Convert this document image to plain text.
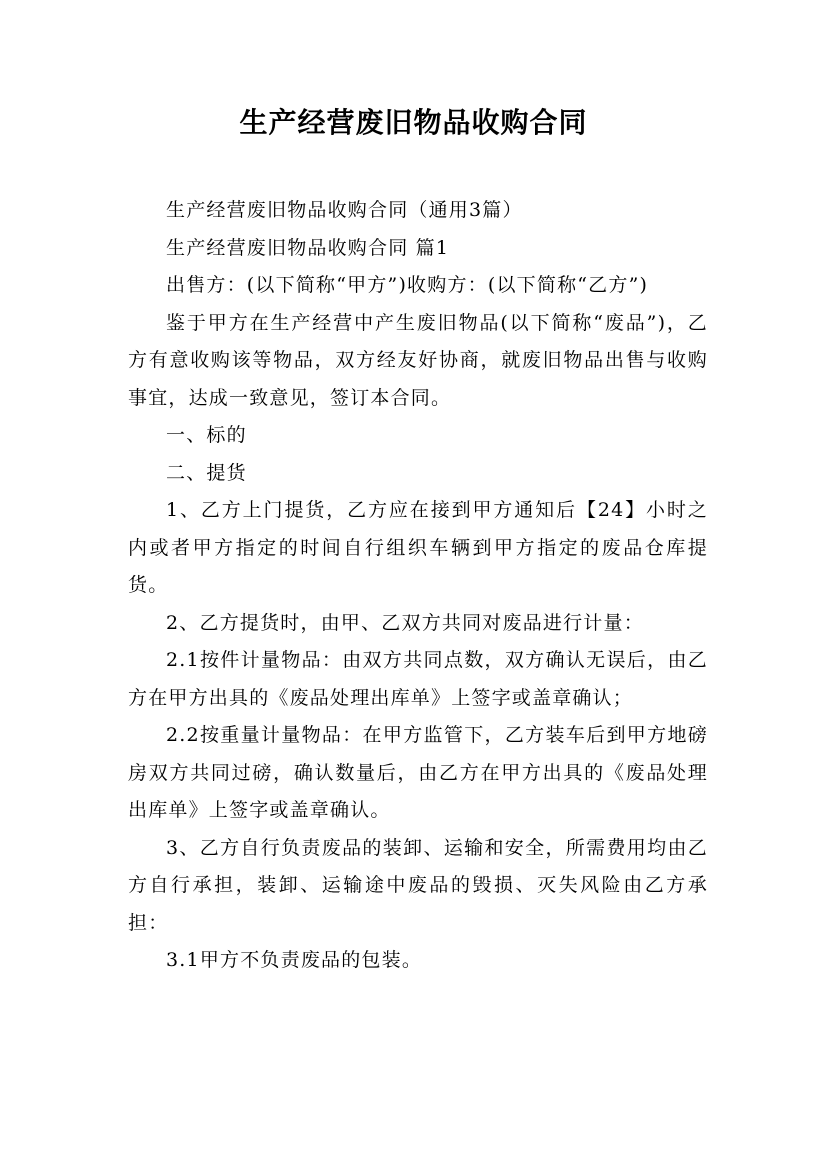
生产经营废旧物品收购合同

生产经营废旧物品收购合同（通用3篇）

生产经营废旧物品收购合同 篇1

出售方：(以下简称“甲方”)收购方：(以下简称“乙方”)

鉴于甲方在生产经营中产生废旧物品(以下简称“废品”)，乙方有意收购该等物品，双方经友好协商，就废旧物品出售与收购事宜，达成一致意见，签订本合同。

一、标的

二、提货

1、乙方上门提货，乙方应在接到甲方通知后【24】小时之内或者甲方指定的时间自行组织车辆到甲方指定的废品仓库提货。

2、乙方提货时，由甲、乙双方共同对废品进行计量：

2.1按件计量物品：由双方共同点数，双方确认无误后，由乙方在甲方出具的《废品处理出库单》上签字或盖章确认；

2.2按重量计量物品：在甲方监管下，乙方装车后到甲方地磅房双方共同过磅，确认数量后，由乙方在甲方出具的《废品处理出库单》上签字或盖章确认。

3、乙方自行负责废品的装卸、运输和安全，所需费用均由乙方自行承担，装卸、运输途中废品的毁损、灭失风险由乙方承担：

3.1甲方不负责废品的包装。
